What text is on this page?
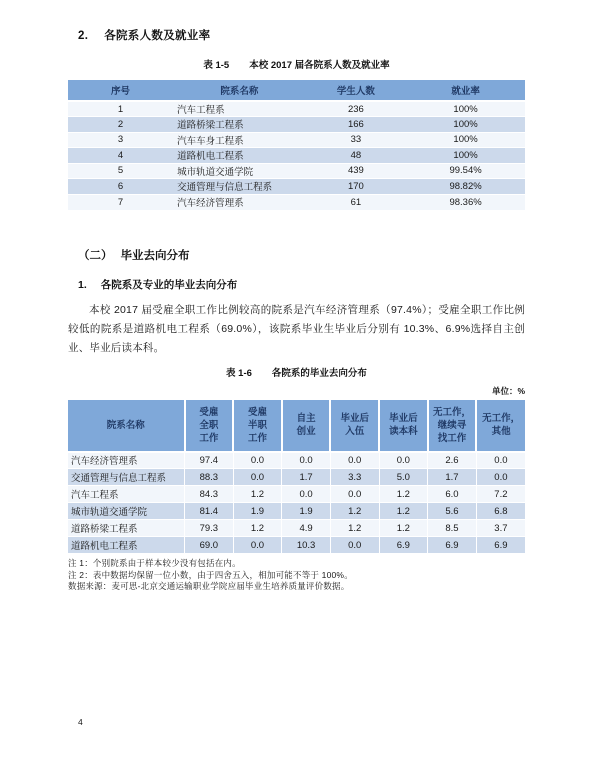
2. 各院系人数及就业率
表 1-5 本校 2017 届各院系人数及就业率
序号	院系名称	学生人数	就业率
1	汽车工程系	236	100%
2	道路桥梁工程系	166	100%
3	汽车车身工程系	33	100%
4	道路机电工程系	48	100%
5	城市轨道交通学院	439	99.54%
6	交通管理与信息工程系	170	98.82%
7	汽车经济管理系	61	98.36%
（二） 毕业去向分布
1. 各院系及专业的毕业去向分布
本校 2017 届受雇全职工作比例较高的院系是汽车经济管理系（97.4%）；受雇全职工作比例较低的院系是道路机电工程系（69.0%），该院系毕业生毕业后分别有 10.3%、6.9%选择自主创业、毕业后读本科。
表 1-6 各院系的毕业去向分布
单位：%
院系名称	受雇
全职
工作	受雇
半职
工作	自主
创业	毕业后
入伍	毕业后
读本科	无工作，
继续寻
找工作	无工作，
其他
汽车经济管理系	97.4	0.0	0.0	0.0	0.0	2.6	0.0
交通管理与信息工程系	88.3	0.0	1.7	3.3	5.0	1.7	0.0
汽车工程系	84.3	1.2	0.0	0.0	1.2	6.0	7.2
城市轨道交通学院	81.4	1.9	1.9	1.2	1.2	5.6	6.8
道路桥梁工程系	79.3	1.2	4.9	1.2	1.2	8.5	3.7
道路机电工程系	69.0	0.0	10.3	0.0	6.9	6.9	6.9
注 1：个别院系由于样本较少没有包括在内。
注 2：表中数据均保留一位小数，由于四舍五入，相加可能不等于 100%。
数据来源：麦可思-北京交通运输职业学院应届毕业生培养质量评价数据。
4
